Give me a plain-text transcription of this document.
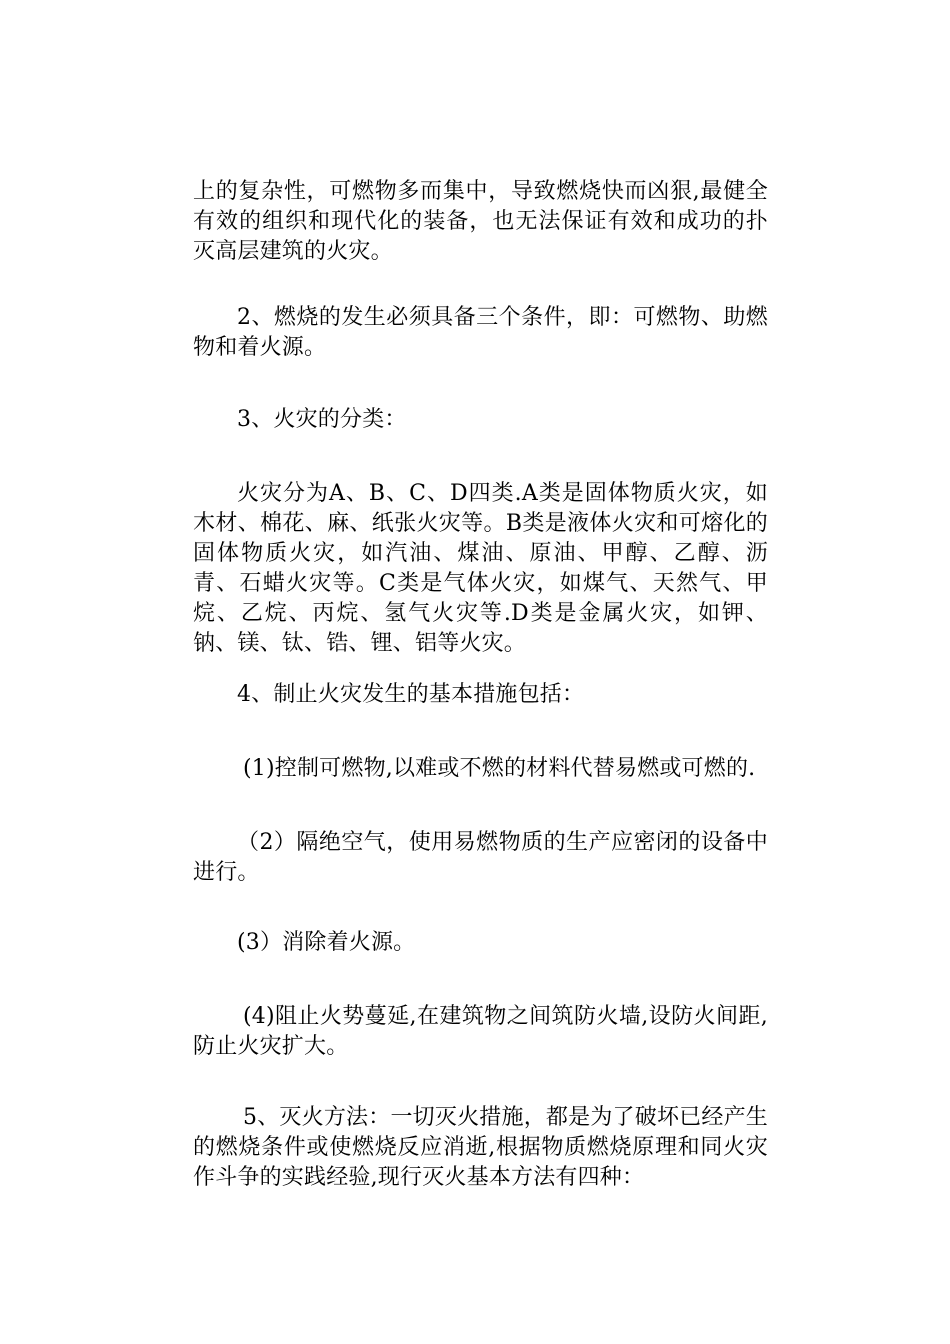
上的复杂性，可燃物多而集中，导致燃烧快而凶狠,最健全有效的组织和现代化的装备，也无法保证有效和成功的扑灭高层建筑的火灾。

2、燃烧的发生必须具备三个条件，即：可燃物、助燃物和着火源。

3、火灾的分类：

火灾分为A、B、C、D四类.A类是固体物质火灾，如木材、棉花、麻、纸张火灾等。B类是液体火灾和可熔化的固体物质火灾，如汽油、煤油、原油、甲醇、乙醇、沥青、石蜡火灾等。C类是气体火灾，如煤气、天然气、甲烷、乙烷、丙烷、氢气火灾等.D类是金属火灾，如钾、钠、镁、钛、锆、锂、铝等火灾。

4、制止火灾发生的基本措施包括：

(1)控制可燃物,以难或不燃的材料代替易燃或可燃的.

（2）隔绝空气，使用易燃物质的生产应密闭的设备中进行。

(3）消除着火源。

(4)阻止火势蔓延,在建筑物之间筑防火墙,设防火间距,防止火灾扩大。

5、灭火方法：一切灭火措施，都是为了破坏已经产生的燃烧条件或使燃烧反应消逝,根据物质燃烧原理和同火灾作斗争的实践经验,现行灭火基本方法有四种：
